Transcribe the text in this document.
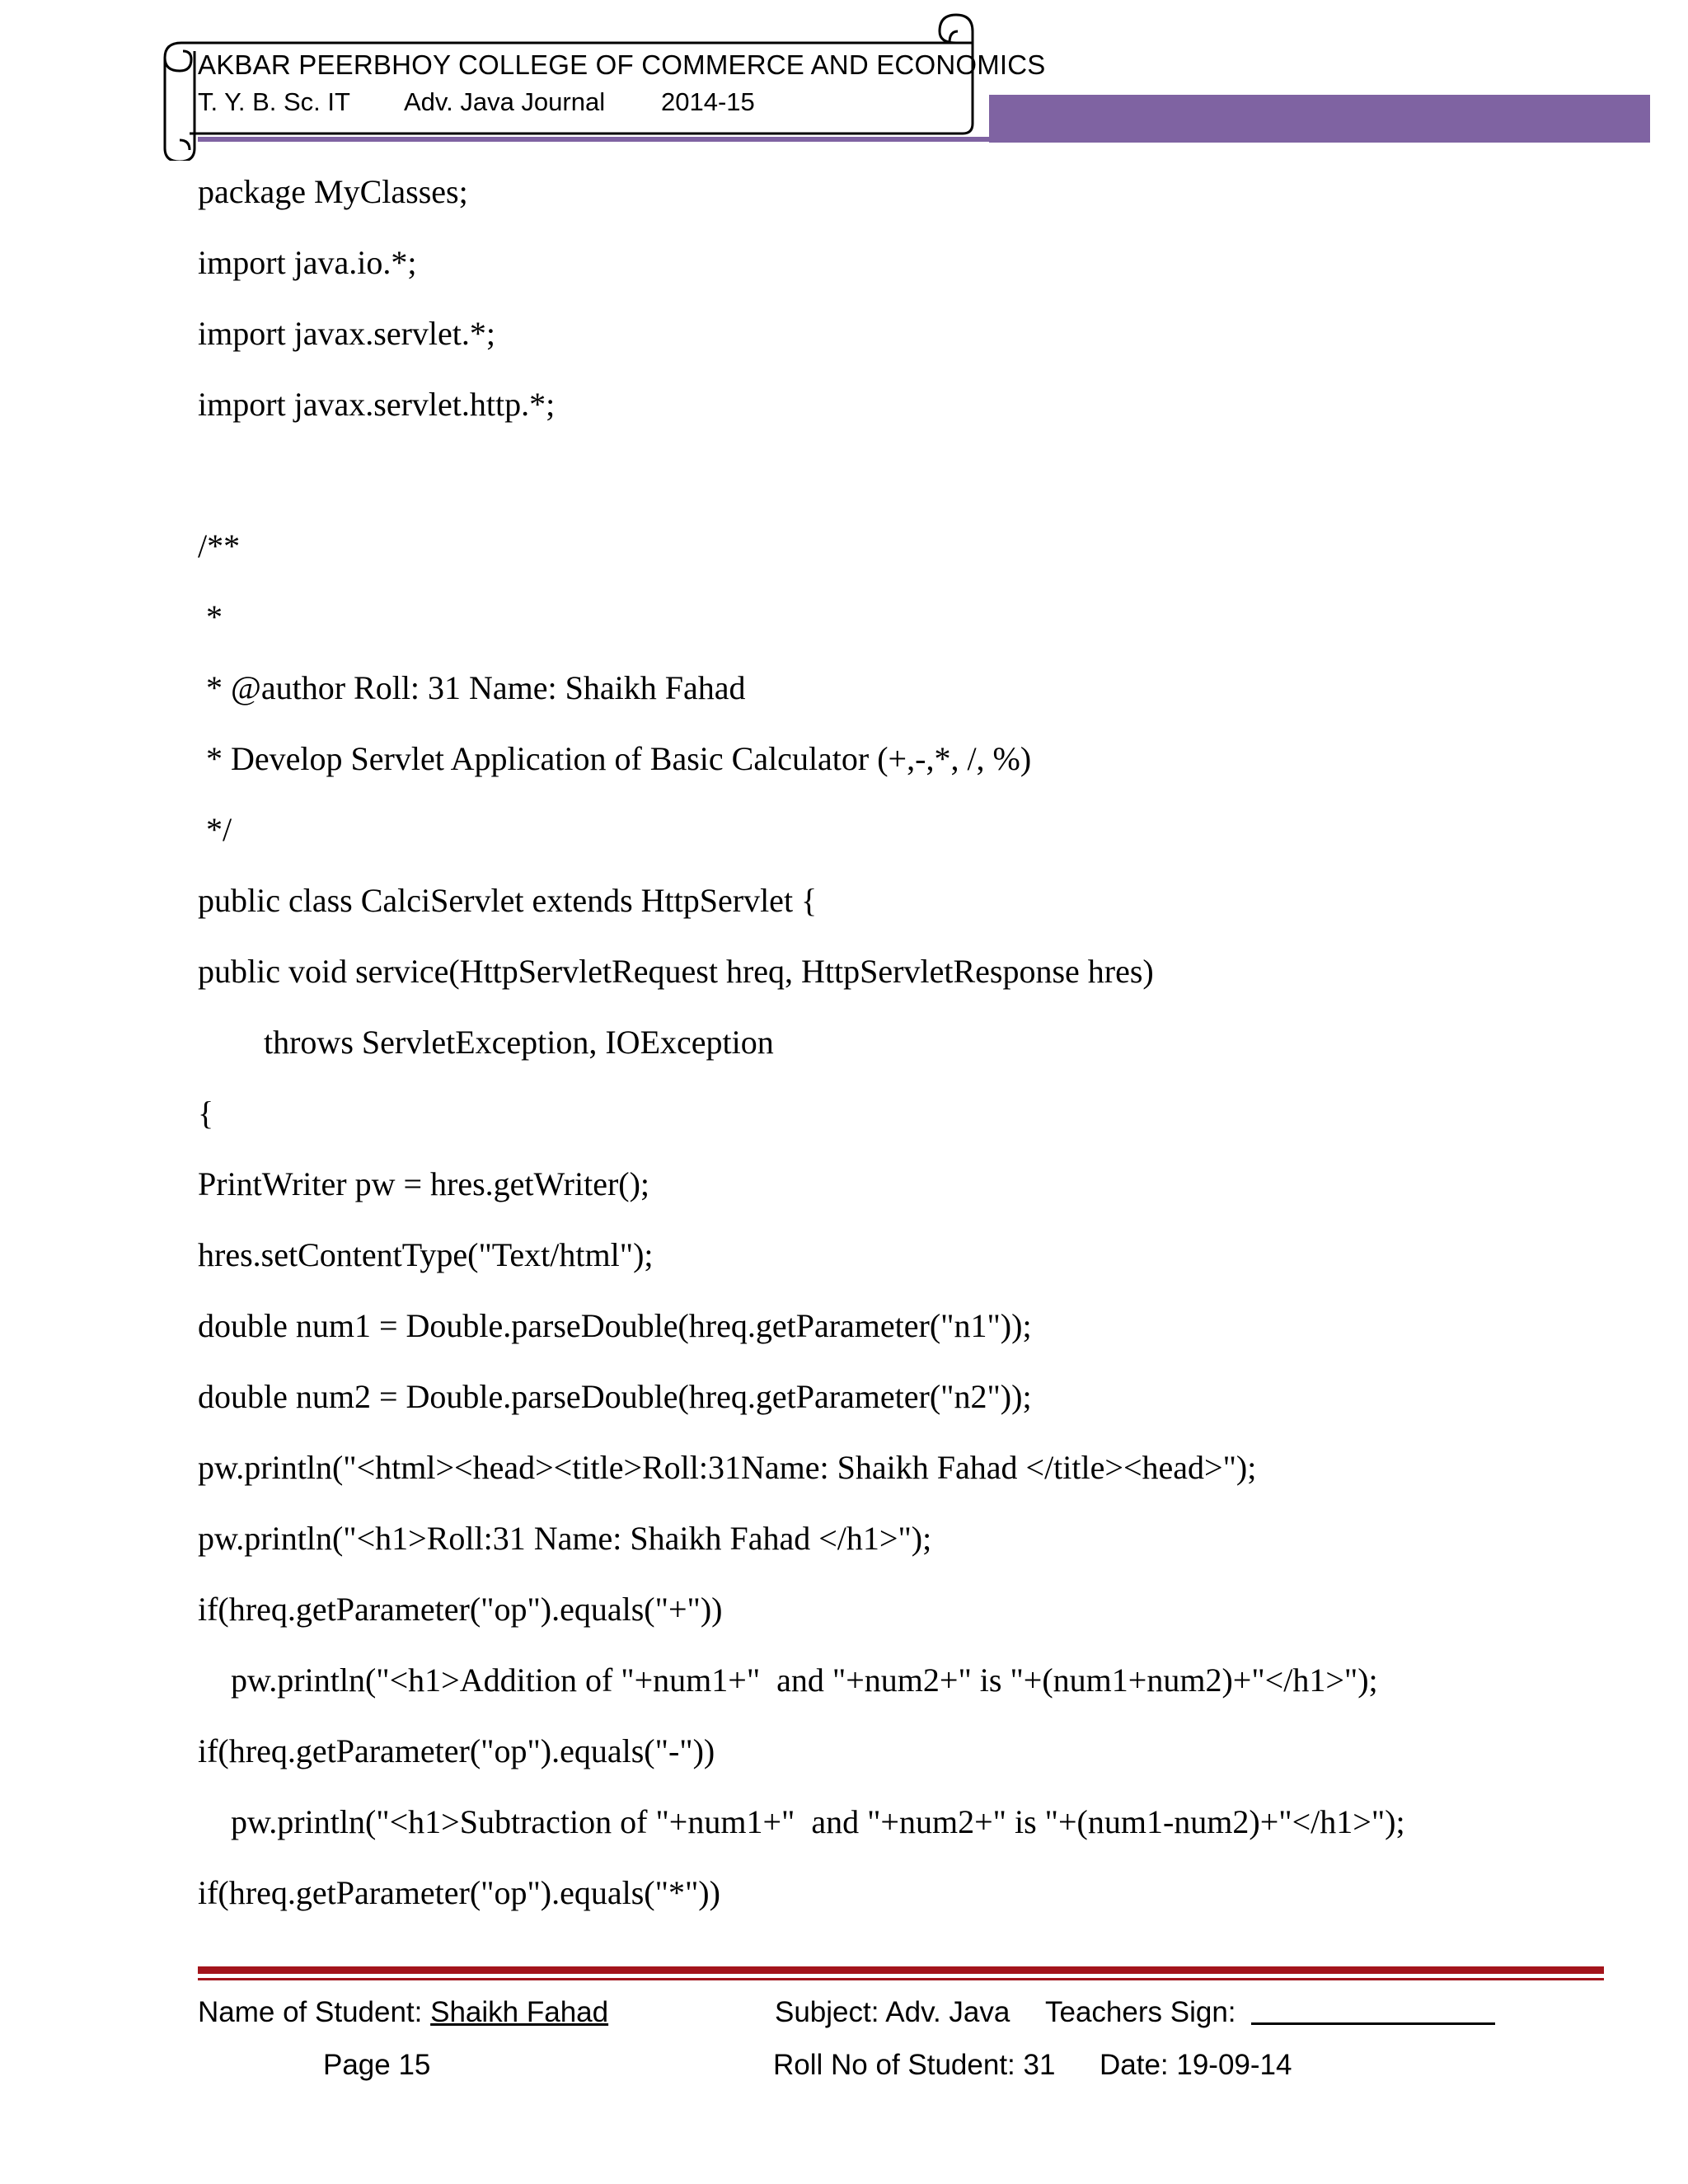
AKBAR PEERBHOY COLLEGE OF COMMERCE AND ECONOMICS
T. Y. B. Sc. IT Adv. Java Journal 2014-15
package MyClasses;
import java.io.*;
import javax.servlet.*;
import javax.servlet.http.*;
/**
*
* @author Roll: 31 Name: Shaikh Fahad
* Develop Servlet Application of Basic Calculator (+,-,*, /, %)
*/
public class CalciServlet extends HttpServlet {
public void service(HttpServletRequest hreq, HttpServletResponse hres)
throws ServletException, IOException
{
PrintWriter pw = hres.getWriter();
hres.setContentType("Text/html");
double num1 = Double.parseDouble(hreq.getParameter("n1"));
double num2 = Double.parseDouble(hreq.getParameter("n2"));
pw.println("<html><head><title>Roll:31Name: Shaikh Fahad </title><head>");
pw.println("<h1>Roll:31 Name: Shaikh Fahad </h1>");
if(hreq.getParameter("op").equals("+"))
pw.println("<h1>Addition of "+num1+"  and "+num2+" is "+(num1+num2)+"</h1>");
if(hreq.getParameter("op").equals("-"))
pw.println("<h1>Subtraction of "+num1+"  and "+num2+" is "+(num1-num2)+"</h1>");
if(hreq.getParameter("op").equals("*"))
Name of Student: Shaikh Fahad	Subject: Adv. Java Teachers Sign:
Page 15	Roll No of Student: 31 Date: 19-09-14
